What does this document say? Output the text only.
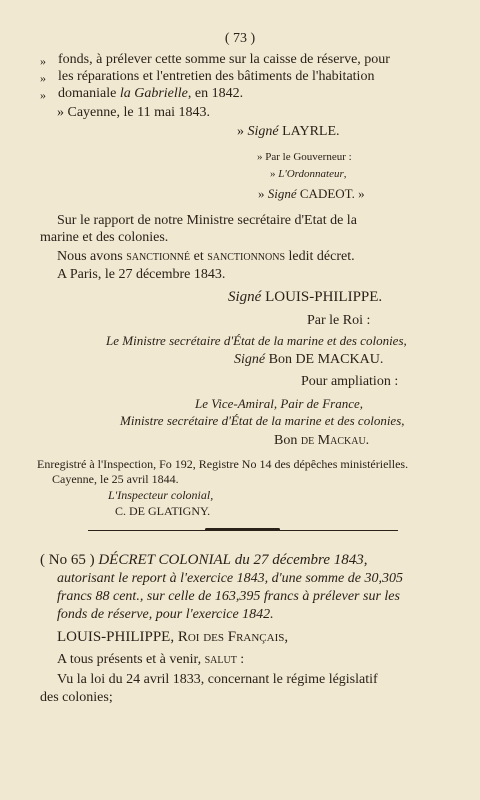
( 73 )
» fonds, à prélever cette somme sur la caisse de réserve, pour
» les réparations et l'entretien des bâtiments de l'habitation
» domaniale la Gabrielle, en 1842.
» Cayenne, le 11 mai 1843.
» Signé LAYRLE.
» Par le Gouverneur :
» L'Ordonnateur,
» Signé CADEOT. »
Sur le rapport de notre Ministre secrétaire d'Etat de la
marine et des colonies.
Nous avons sanctionné et sanctionnons ledit décret.
A Paris, le 27 décembre 1843.
Signé LOUIS-PHILIPPE.
Par le Roi :
Le Ministre secrétaire d'État de la marine et des colonies,
Signé Bon DE MACKAU.
Pour ampliation :
Le Vice-Amiral, Pair de France,
Ministre secrétaire d'État de la marine et des colonies,
Bon de Mackau.
Enregistré à l'Inspection, Fo 192, Registre No 14 des dépêches ministérielles.
Cayenne, le 25 avril 1844.
L'Inspecteur colonial,
C. DE GLATIGNY.
( No 65 ) DÉCRET COLONIAL du 27 décembre 1843,
autorisant le report à l'exercice 1843, d'une somme de 30,305
francs 88 cent., sur celle de 163,395 francs à prélever sur les
fonds de réserve, pour l'exercice 1842.
LOUIS-PHILIPPE, Roi des Français,
A tous présents et à venir, salut :
Vu la loi du 24 avril 1833, concernant le régime législatif
des colonies;
